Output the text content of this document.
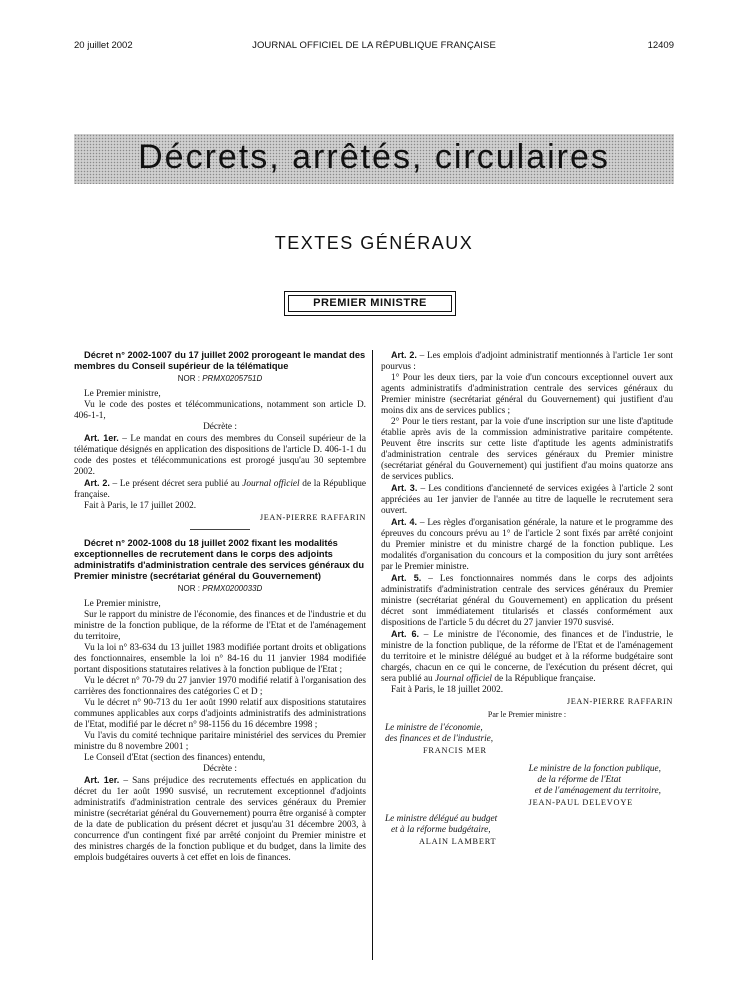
20 juillet 2002	JOURNAL OFFICIEL DE LA RÉPUBLIQUE FRANÇAISE	12409
Décrets, arrêtés, circulaires
TEXTES GÉNÉRAUX
PREMIER MINISTRE

Décret n° 2002-1007 du 17 juillet 2002 prorogeant le mandat des membres du Conseil supérieur de la télématique

NOR : PRMX0205751D

Le Premier ministre,

Vu le code des postes et télécommunications, notamment son article D. 406-1-1,

Décrète :

Art. 1er. – Le mandat en cours des membres du Conseil supérieur de la télématique désignés en application des dispositions de l'article D. 406-1-1 du code des postes et télécommunications est prorogé jusqu'au 30 septembre 2002.

Art. 2. – Le présent décret sera publié au Journal officiel de la République française.

Fait à Paris, le 17 juillet 2002.

JEAN-PIERRE RAFFARIN

Décret n° 2002-1008 du 18 juillet 2002 fixant les modalités exceptionnelles de recrutement dans le corps des adjoints administratifs d'administration centrale des services généraux du Premier ministre (secrétariat général du Gouvernement)

NOR : PRMX0200033D

Le Premier ministre,

Sur le rapport du ministre de l'économie, des finances et de l'industrie et du ministre de la fonction publique, de la réforme de l'Etat et de l'aménagement du territoire,

Vu la loi n° 83-634 du 13 juillet 1983 modifiée portant droits et obligations des fonctionnaires, ensemble la loi n° 84-16 du 11 janvier 1984 modifiée portant dispositions statutaires relatives à la fonction publique de l'Etat ;

Vu le décret n° 70-79 du 27 janvier 1970 modifié relatif à l'organisation des carrières des fonctionnaires des catégories C et D ;

Vu le décret n° 90-713 du 1er août 1990 relatif aux dispositions statutaires communes applicables aux corps d'adjoints administratifs des administrations de l'Etat, modifié par le décret n° 98-1156 du 16 décembre 1998 ;

Vu l'avis du comité technique paritaire ministériel des services du Premier ministre du 8 novembre 2001 ;

Le Conseil d'Etat (section des finances) entendu,

Décrète :

Art. 1er. – Sans préjudice des recrutements effectués en application du décret du 1er août 1990 susvisé, un recrutement exceptionnel d'adjoints administratifs d'administration centrale des services généraux du Premier ministre (secrétariat général du Gouvernement) pourra être organisé à compter de la date de publication du présent décret et jusqu'au 31 décembre 2003, à concurrence d'un contingent fixé par arrêté conjoint du Premier ministre et des ministres chargés de la fonction publique et du budget, dans la limite des emplois budgétaires ouverts à cet effet en lois de finances.

Art. 2. – Les emplois d'adjoint administratif mentionnés à l'article 1er sont pourvus :

1° Pour les deux tiers, par la voie d'un concours exceptionnel ouvert aux agents administratifs d'administration centrale des services généraux du Premier ministre (secrétariat général du Gouvernement) qui justifient d'au moins dix ans de services publics ;

2° Pour le tiers restant, par la voie d'une inscription sur une liste d'aptitude établie après avis de la commission administrative paritaire compétente. Peuvent être inscrits sur cette liste d'aptitude les agents administratifs d'administration centrale des services généraux du Premier ministre (secrétariat général du Gouvernement) qui justifient d'au moins quatorze ans de services publics.

Art. 3. – Les conditions d'ancienneté de services exigées à l'article 2 sont appréciées au 1er janvier de l'année au titre de laquelle le recrutement sera ouvert.

Art. 4. – Les règles d'organisation générale, la nature et le programme des épreuves du concours prévu au 1° de l'article 2 sont fixés par arrêté conjoint du Premier ministre et du ministre chargé de la fonction publique. Les modalités d'organisation du concours et la composition du jury sont arrêtées par le Premier ministre.

Art. 5. – Les fonctionnaires nommés dans le corps des adjoints administratifs d'administration centrale des services généraux du Premier ministre (secrétariat général du Gouvernement) en application du présent décret sont immédiatement titularisés et classés conformément aux dispositions de l'article 5 du décret du 27 janvier 1970 susvisé.

Art. 6. – Le ministre de l'économie, des finances et de l'industrie, le ministre de la fonction publique, de la réforme de l'Etat et de l'aménagement du territoire et le ministre délégué au budget et à la réforme budgétaire sont chargés, chacun en ce qui le concerne, de l'exécution du présent décret, qui sera publié au Journal officiel de la République française.

Fait à Paris, le 18 juillet 2002.

JEAN-PIERRE RAFFARIN

Par le Premier ministre :
Le ministre de l'économie,
des finances et de l'industrie,
FRANCIS MER
Le ministre de la fonction publique,
de la réforme de l'Etat
et de l'aménagement du territoire,
JEAN-PAUL DELEVOYE
Le ministre délégué au budget
et à la réforme budgétaire,
ALAIN LAMBERT
